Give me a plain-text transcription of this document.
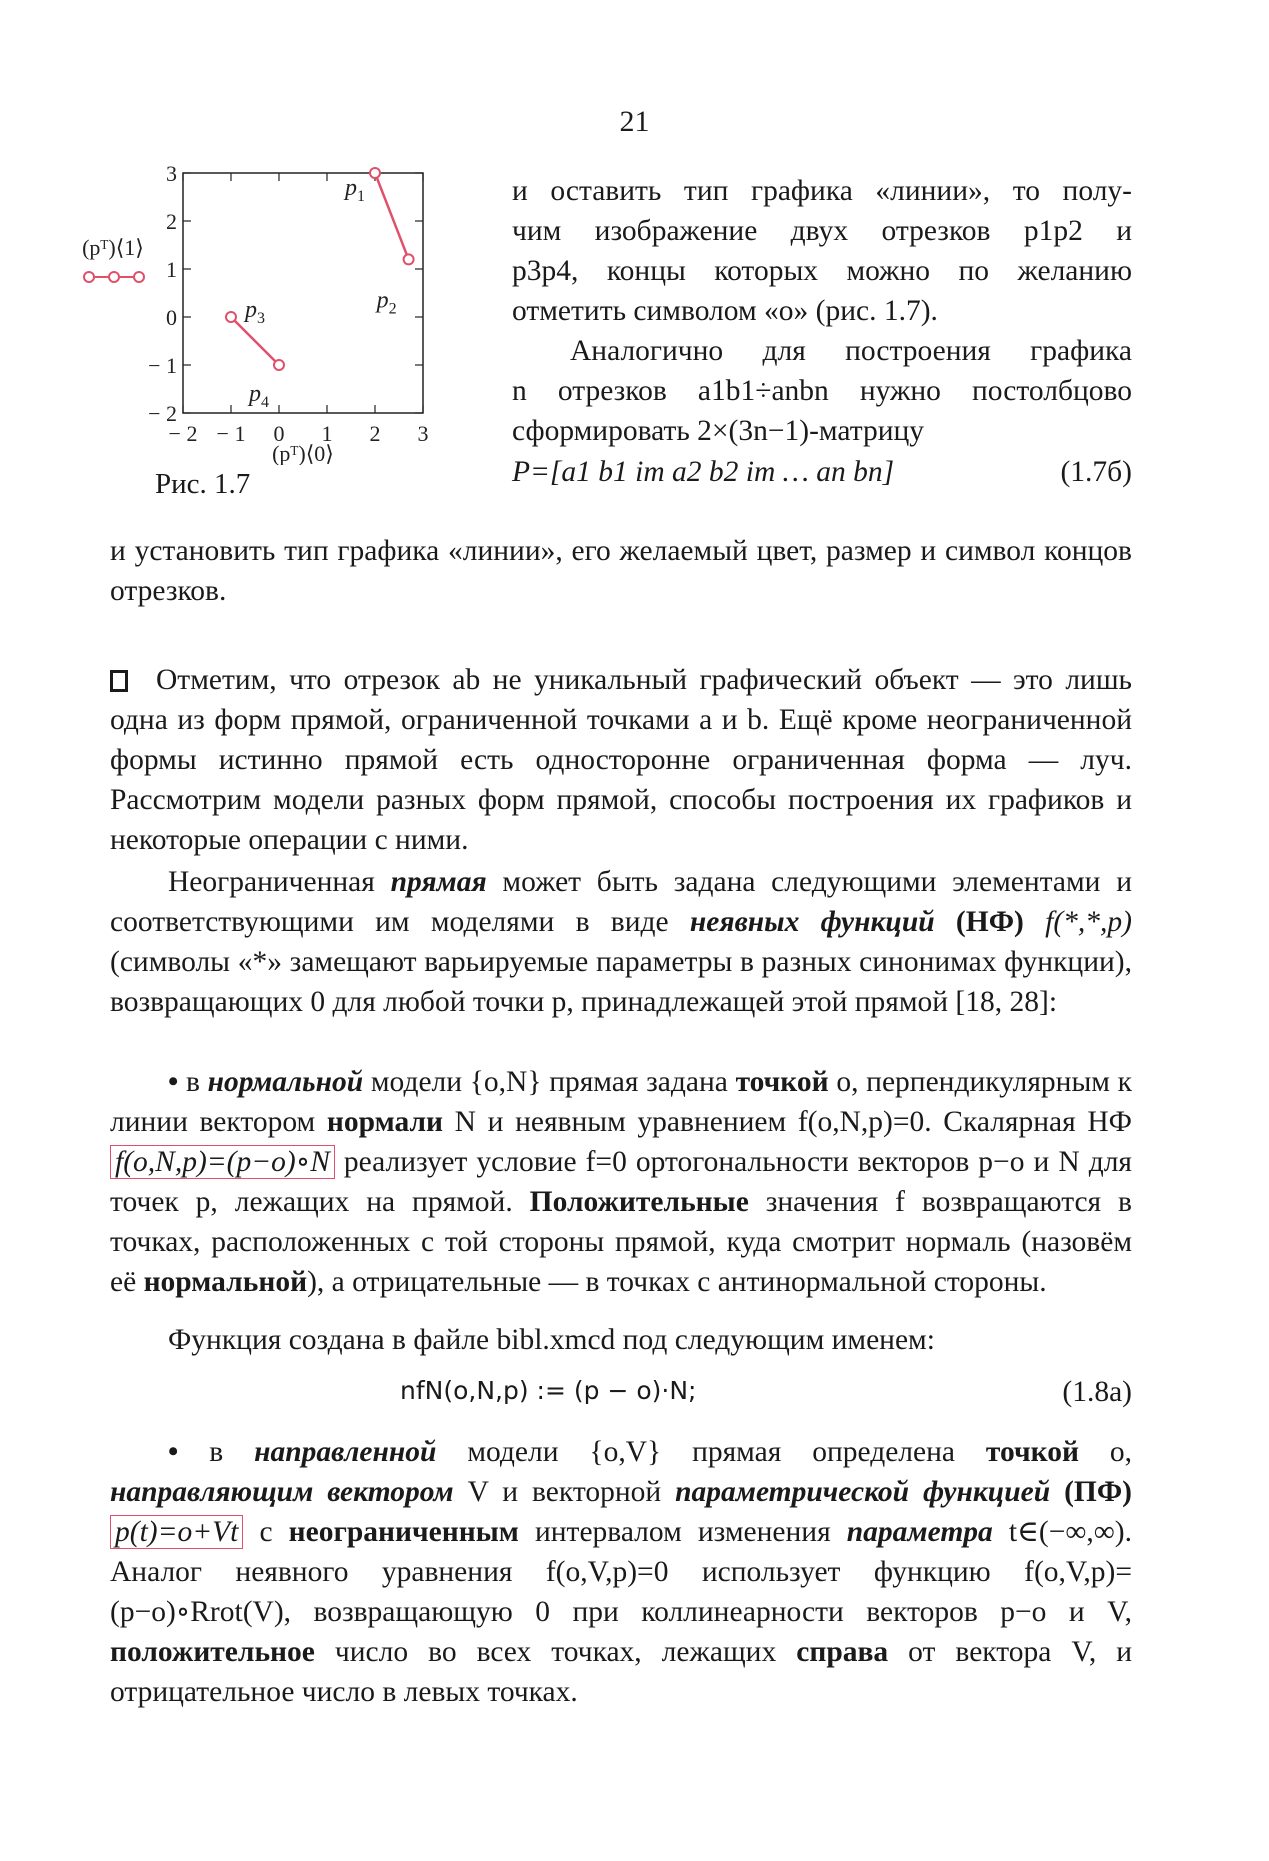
21
− 2 − 1 0 1 2 3
3
2
1
0
− 1
− 2
$p_1$
$p_2$
$p_3$
$p_4$
(pᵀ)⟨1⟩
(pᵀ)⟨0⟩
Рис. 1.7

и оставить тип графика «линии», то полу-

чим изображение двух отрезков p1p2 и

p3p4, концы которых можно по желанию

отметить символом «o» (рис. 1.7).

Аналогично для построения графика

n отрезков a1b1÷anbn нужно постолбцово

сформировать 2×(3n−1)-матрицу

P=[a1 b1 im a2 b2 im … an bn]	(1.7б)

и установить тип графика «линии», его желаемый цвет, размер и символ концов отрезков.

Отметим, что отрезок ab не уникальный графический объект — это лишь одна из форм прямой, ограниченной точками a и b. Ещё кроме неограниченной формы истинно прямой есть односторонне ограниченная форма — луч. Рассмотрим модели разных форм прямой, способы построения их графиков и некоторые операции с ними.

Неограниченная прямая может быть задана следующими элементами и соответствующими им моделями в виде неявных функций (НФ) f(*,*,p) (символы «*» замещают варьируемые параметры в разных синонимах функции), возвращающих 0 для любой точки p, принадлежащей этой прямой [18, 28]:

• в нормальной модели {o,N} прямая задана точкой o, перпендикулярным к линии вектором нормали N и неявным уравнением f(o,N,p)=0. Скалярная НФ f(o,N,p)=(p−o)∘N реализует условие f=0 ортогональности векторов p−o и N для точек p, лежащих на прямой. Положительные значения f возвращаются в точках, расположенных с той стороны прямой, куда смотрит нормаль (назовём её нормальной), а отрицательные — в точках с антинормальной стороны.

Функция создана в файле bibl.xmcd под следующим именем:

nfN(o,N,p) := (p − o)·N;	(1.8а)

• в направленной модели {o,V} прямая определена точкой o, направляющим вектором V и векторной параметрической функцией (ПФ) p(t)=o+Vt с неограниченным интервалом изменения параметра t∈(−∞,∞). Аналог неявного уравнения f(o,V,p)=0 использует функцию f(o,V,p)=(p−o)∘Rrot(V), возвращающую 0 при коллинеарности векторов p−o и V, положительное число во всех точках, лежащих справа от вектора V, и отрицательное число в левых точках.
